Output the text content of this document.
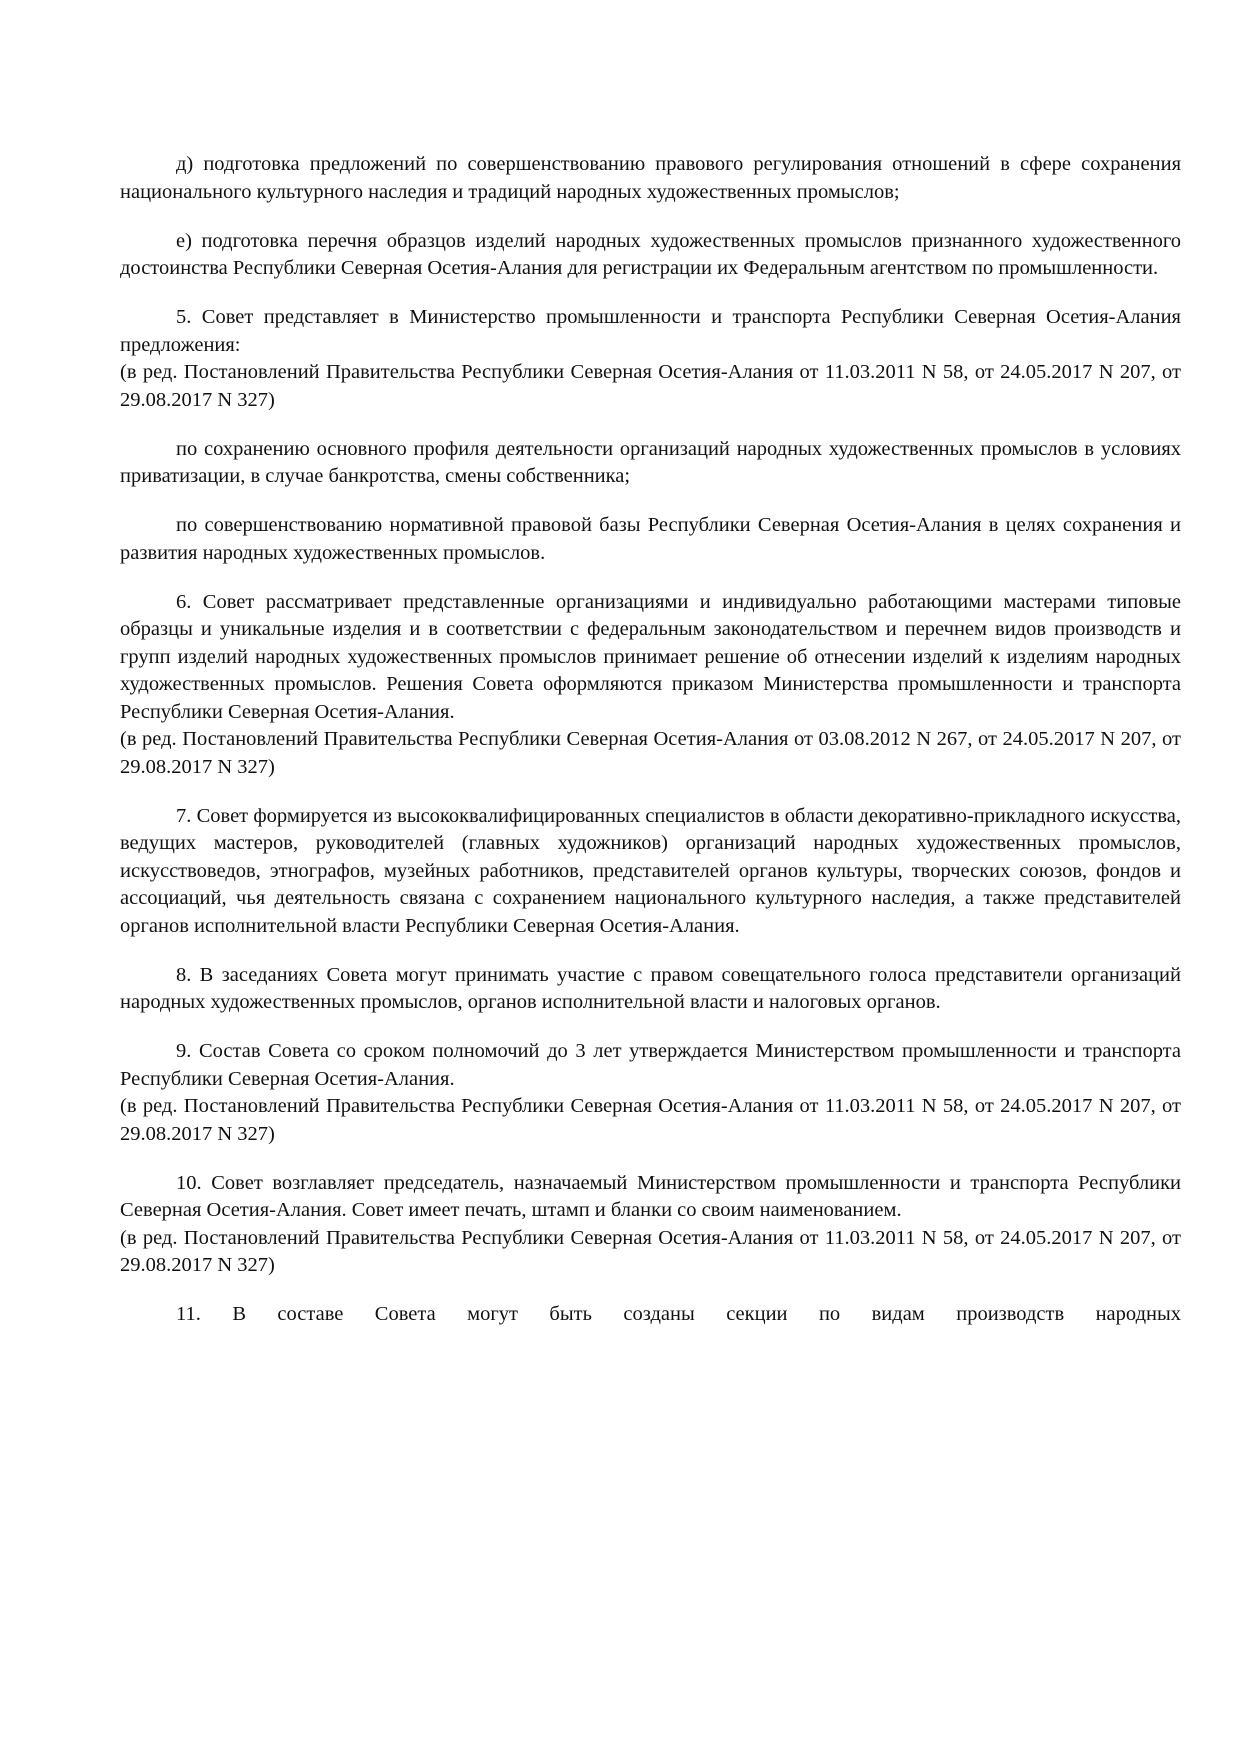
д) подготовка предложений по совершенствованию правового регулирования отношений в сфере сохранения национального культурного наследия и традиций народных художественных промыслов;

е) подготовка перечня образцов изделий народных художественных промыслов признанного художественного достоинства Республики Северная Осетия-Алания для регистрации их Федеральным агентством по промышленности.

5. Совет представляет в Министерство промышленности и транспорта Республики Северная Осетия-Алания предложения:

(в ред. Постановлений Правительства Республики Северная Осетия-Алания от 11.03.2011 N 58, от 24.05.2017 N 207, от 29.08.2017 N 327)

по сохранению основного профиля деятельности организаций народных художественных промыслов в условиях приватизации, в случае банкротства, смены собственника;

по совершенствованию нормативной правовой базы Республики Северная Осетия-Алания в целях сохранения и развития народных художественных промыслов.

6. Совет рассматривает представленные организациями и индивидуально работающими мастерами типовые образцы и уникальные изделия и в соответствии с федеральным законодательством и перечнем видов производств и групп изделий народных художественных промыслов принимает решение об отнесении изделий к изделиям народных художественных промыслов. Решения Совета оформляются приказом Министерства промышленности и транспорта Республики Северная Осетия-Алания.

(в ред. Постановлений Правительства Республики Северная Осетия-Алания от 03.08.2012 N 267, от 24.05.2017 N 207, от 29.08.2017 N 327)

7. Совет формируется из высококвалифицированных специалистов в области декоративно-прикладного искусства, ведущих мастеров, руководителей (главных художников) организаций народных художественных промыслов, искусствоведов, этнографов, музейных работников, представителей органов культуры, творческих союзов, фондов и ассоциаций, чья деятельность связана с сохранением национального культурного наследия, а также представителей органов исполнительной власти Республики Северная Осетия-Алания.

8. В заседаниях Совета могут принимать участие с правом совещательного голоса представители организаций народных художественных промыслов, органов исполнительной власти и налоговых органов.

9. Состав Совета со сроком полномочий до 3 лет утверждается Министерством промышленности и транспорта Республики Северная Осетия-Алания.

(в ред. Постановлений Правительства Республики Северная Осетия-Алания от 11.03.2011 N 58, от 24.05.2017 N 207, от 29.08.2017 N 327)

10. Совет возглавляет председатель, назначаемый Министерством промышленности и транспорта Республики Северная Осетия-Алания. Совет имеет печать, штамп и бланки со своим наименованием.

(в ред. Постановлений Правительства Республики Северная Осетия-Алания от 11.03.2011 N 58, от 24.05.2017 N 207, от 29.08.2017 N 327)

11. В составе Совета могут быть созданы секции по видам производств народных
